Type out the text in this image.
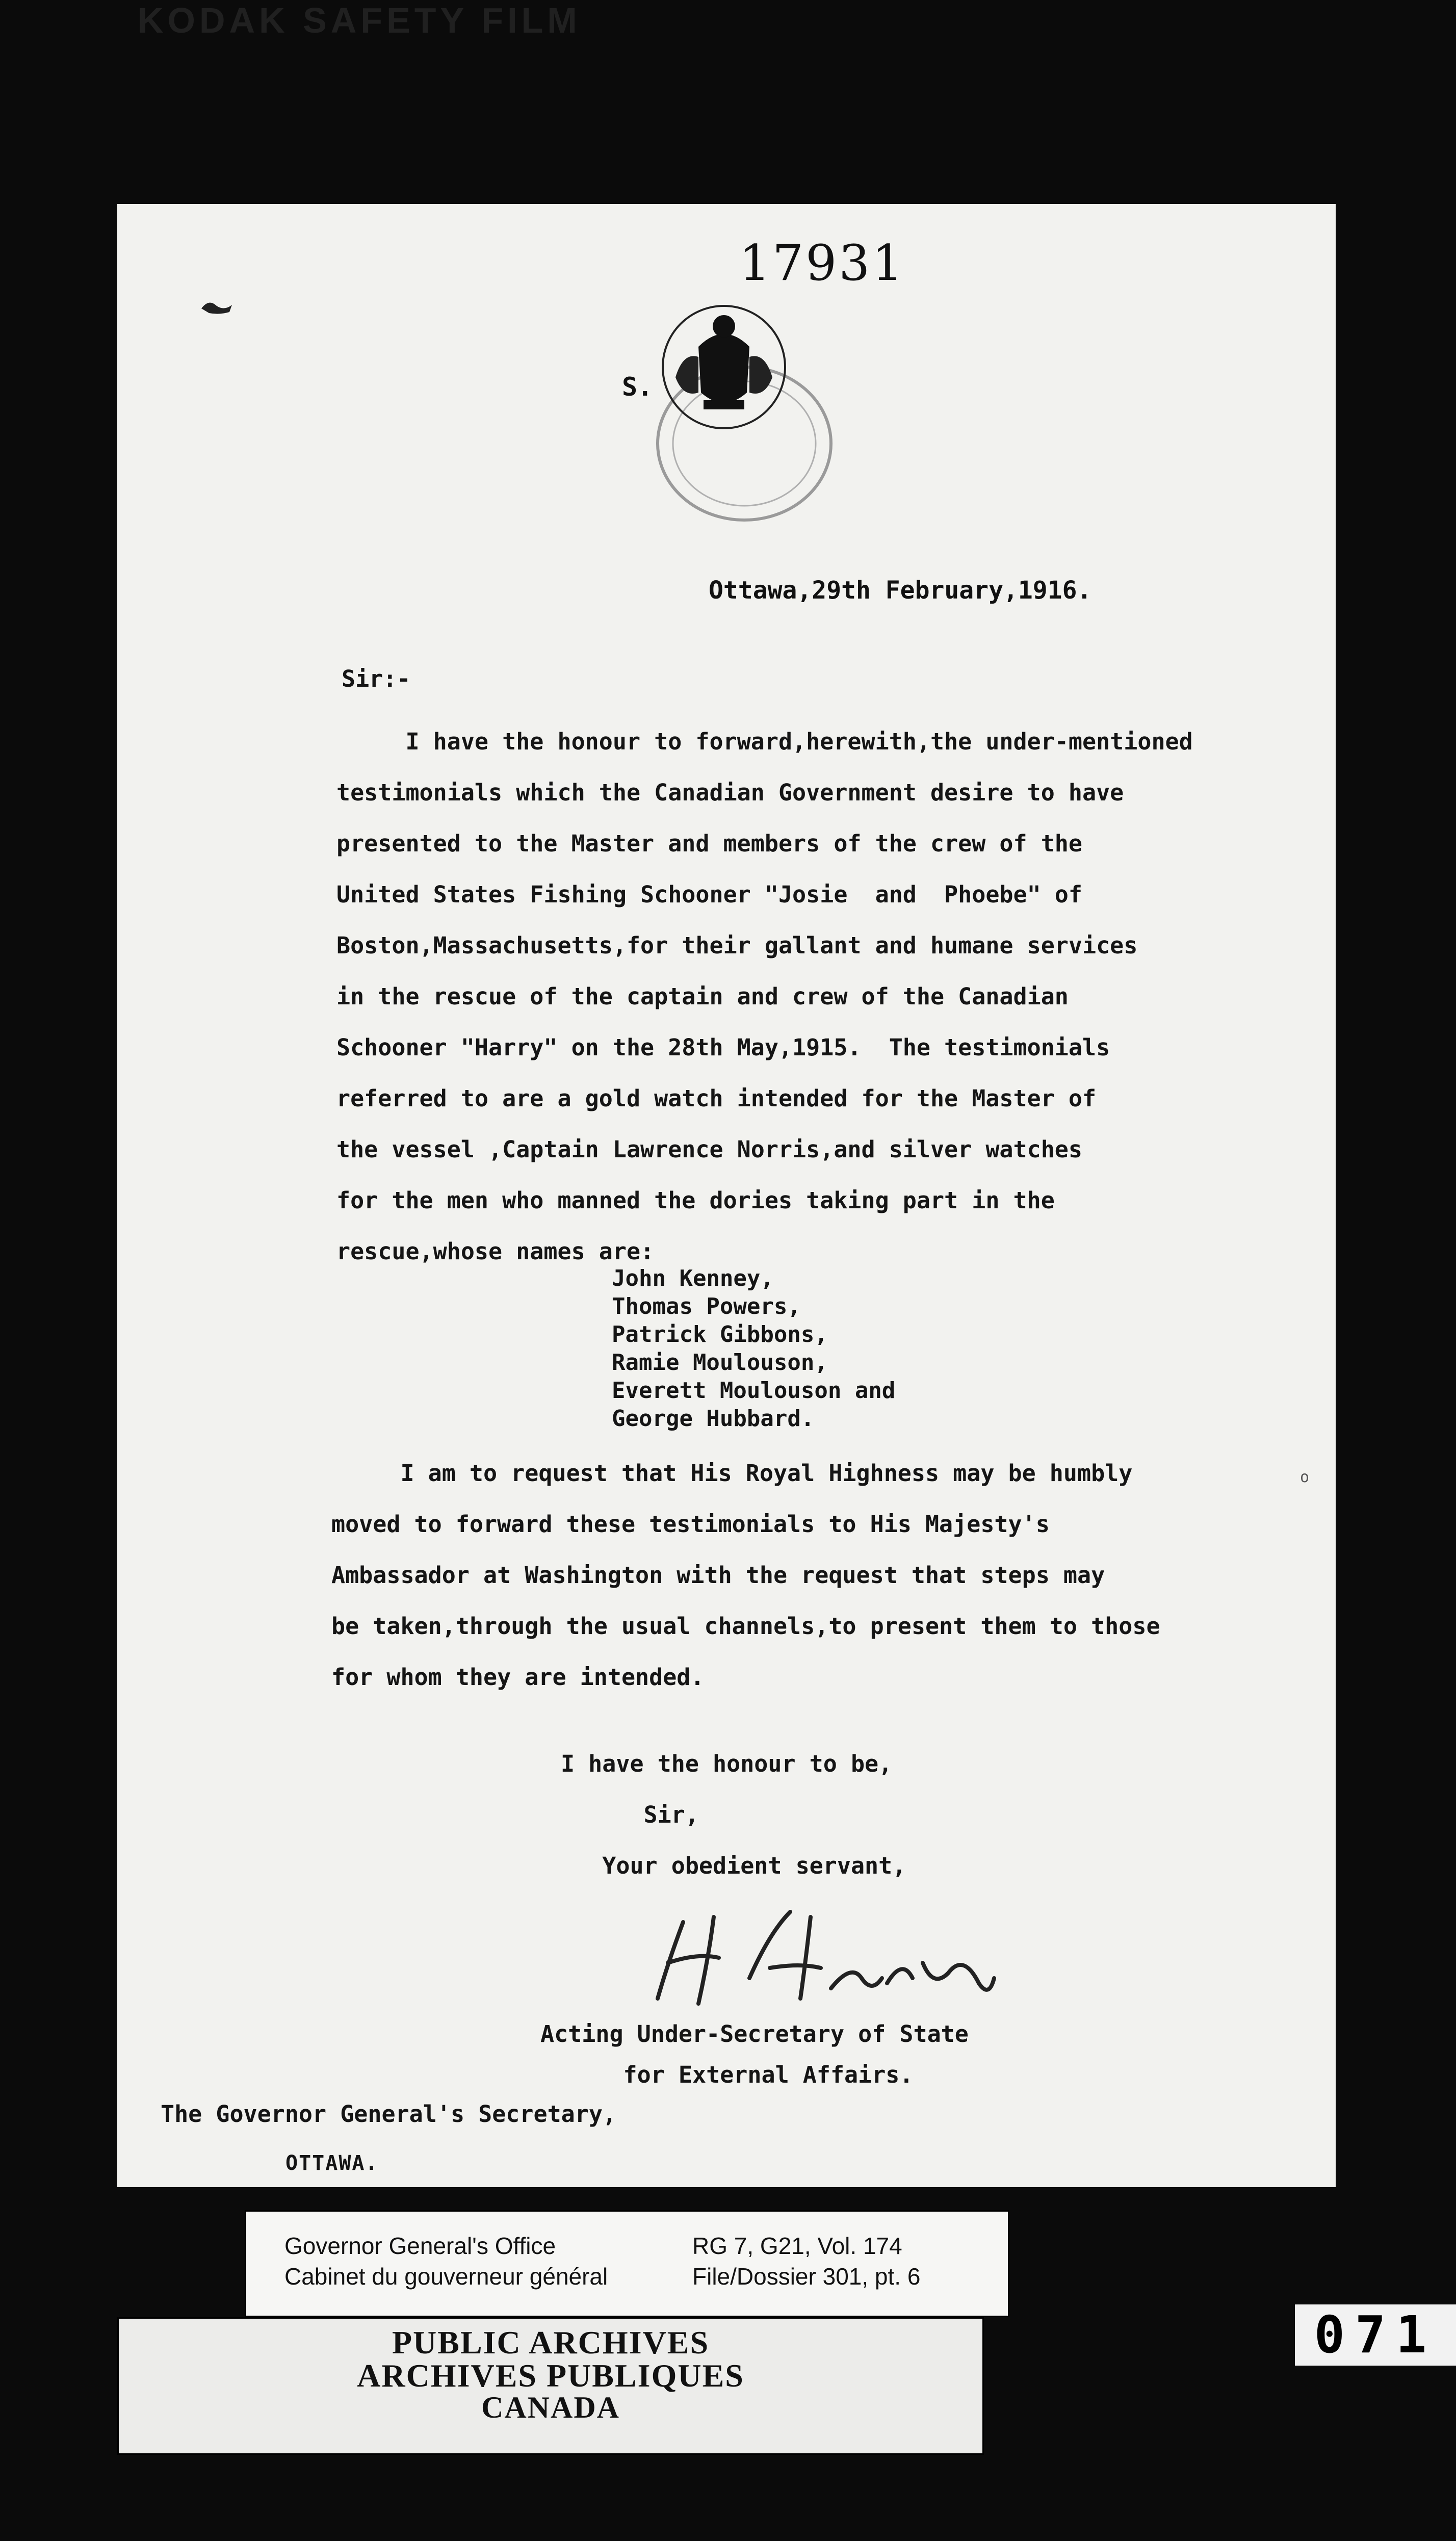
KODAK SAFETY FILM
17931
S.
Ottawa,29th February,1916.
Sir:-
I have the honour to forward,herewith,the under-mentioned
testimonials which the Canadian Government desire to have
presented to the Master and members of the crew of the
United States Fishing Schooner "Josie  and  Phoebe" of
Boston,Massachusetts,for their gallant and humane services
in the rescue of the captain and crew of the Canadian
Schooner "Harry" on the 28th May,1915.  The testimonials
referred to are a gold watch intended for the Master of
the vessel ,Captain Lawrence Norris,and silver watches
for the men who manned the dories taking part in the
rescue,whose names are:
John Kenney,
Thomas Powers,
Patrick Gibbons,
Ramie Moulouson,
Everett Moulouson and
George Hubbard.
I am to request that His Royal Highness may be humbly
moved to forward these testimonials to His Majesty's
Ambassador at Washington with the request that steps may
be taken,through the usual channels,to present them to those
for whom they are intended.
I have the honour to be,
Sir,
Your obedient servant,
Acting Under-Secretary of State
for External Affairs.
The Governor General's Secretary,
OTTAWA.
o
Governor General's Office
Cabinet du gouverneur général
RG 7, G21, Vol. 174
File/Dossier 301, pt. 6
PUBLIC ARCHIVES
ARCHIVES PUBLIQUES
CANADA
071
